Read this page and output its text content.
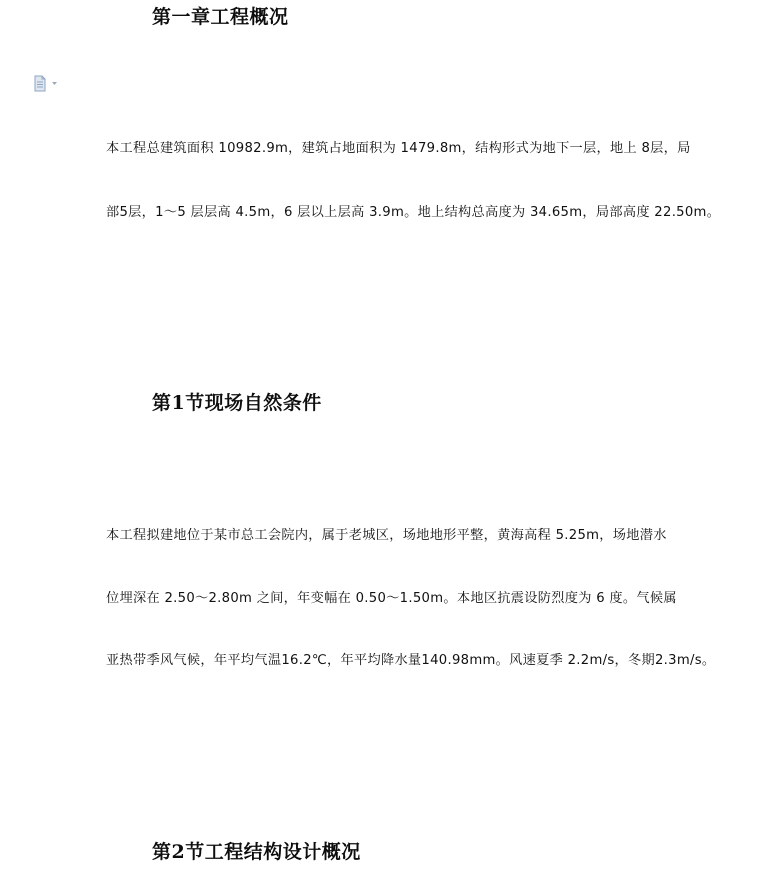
第一章工程概况
本工程总建筑面积 10982.9m，建筑占地面积为 1479.8m，结构形式为地下一层，地上 8层，局
部5层，1～5 层层高 4.5m，6 层以上层高 3.9m。地上结构总高度为 34.65m，局部高度 22.50m。
第1节现场自然条件
本工程拟建地位于某市总工会院内，属于老城区，场地地形平整，黄海高程 5.25m，场地潜水
位埋深在 2.50～2.80m 之间，年变幅在 0.50～1.50m。本地区抗震设防烈度为 6 度。气候属
亚热带季风气候，年平均气温16.2℃，年平均降水量140.98mm。风速夏季 2.2m/s，冬期2.3m/s。
第2节工程结构设计概况
